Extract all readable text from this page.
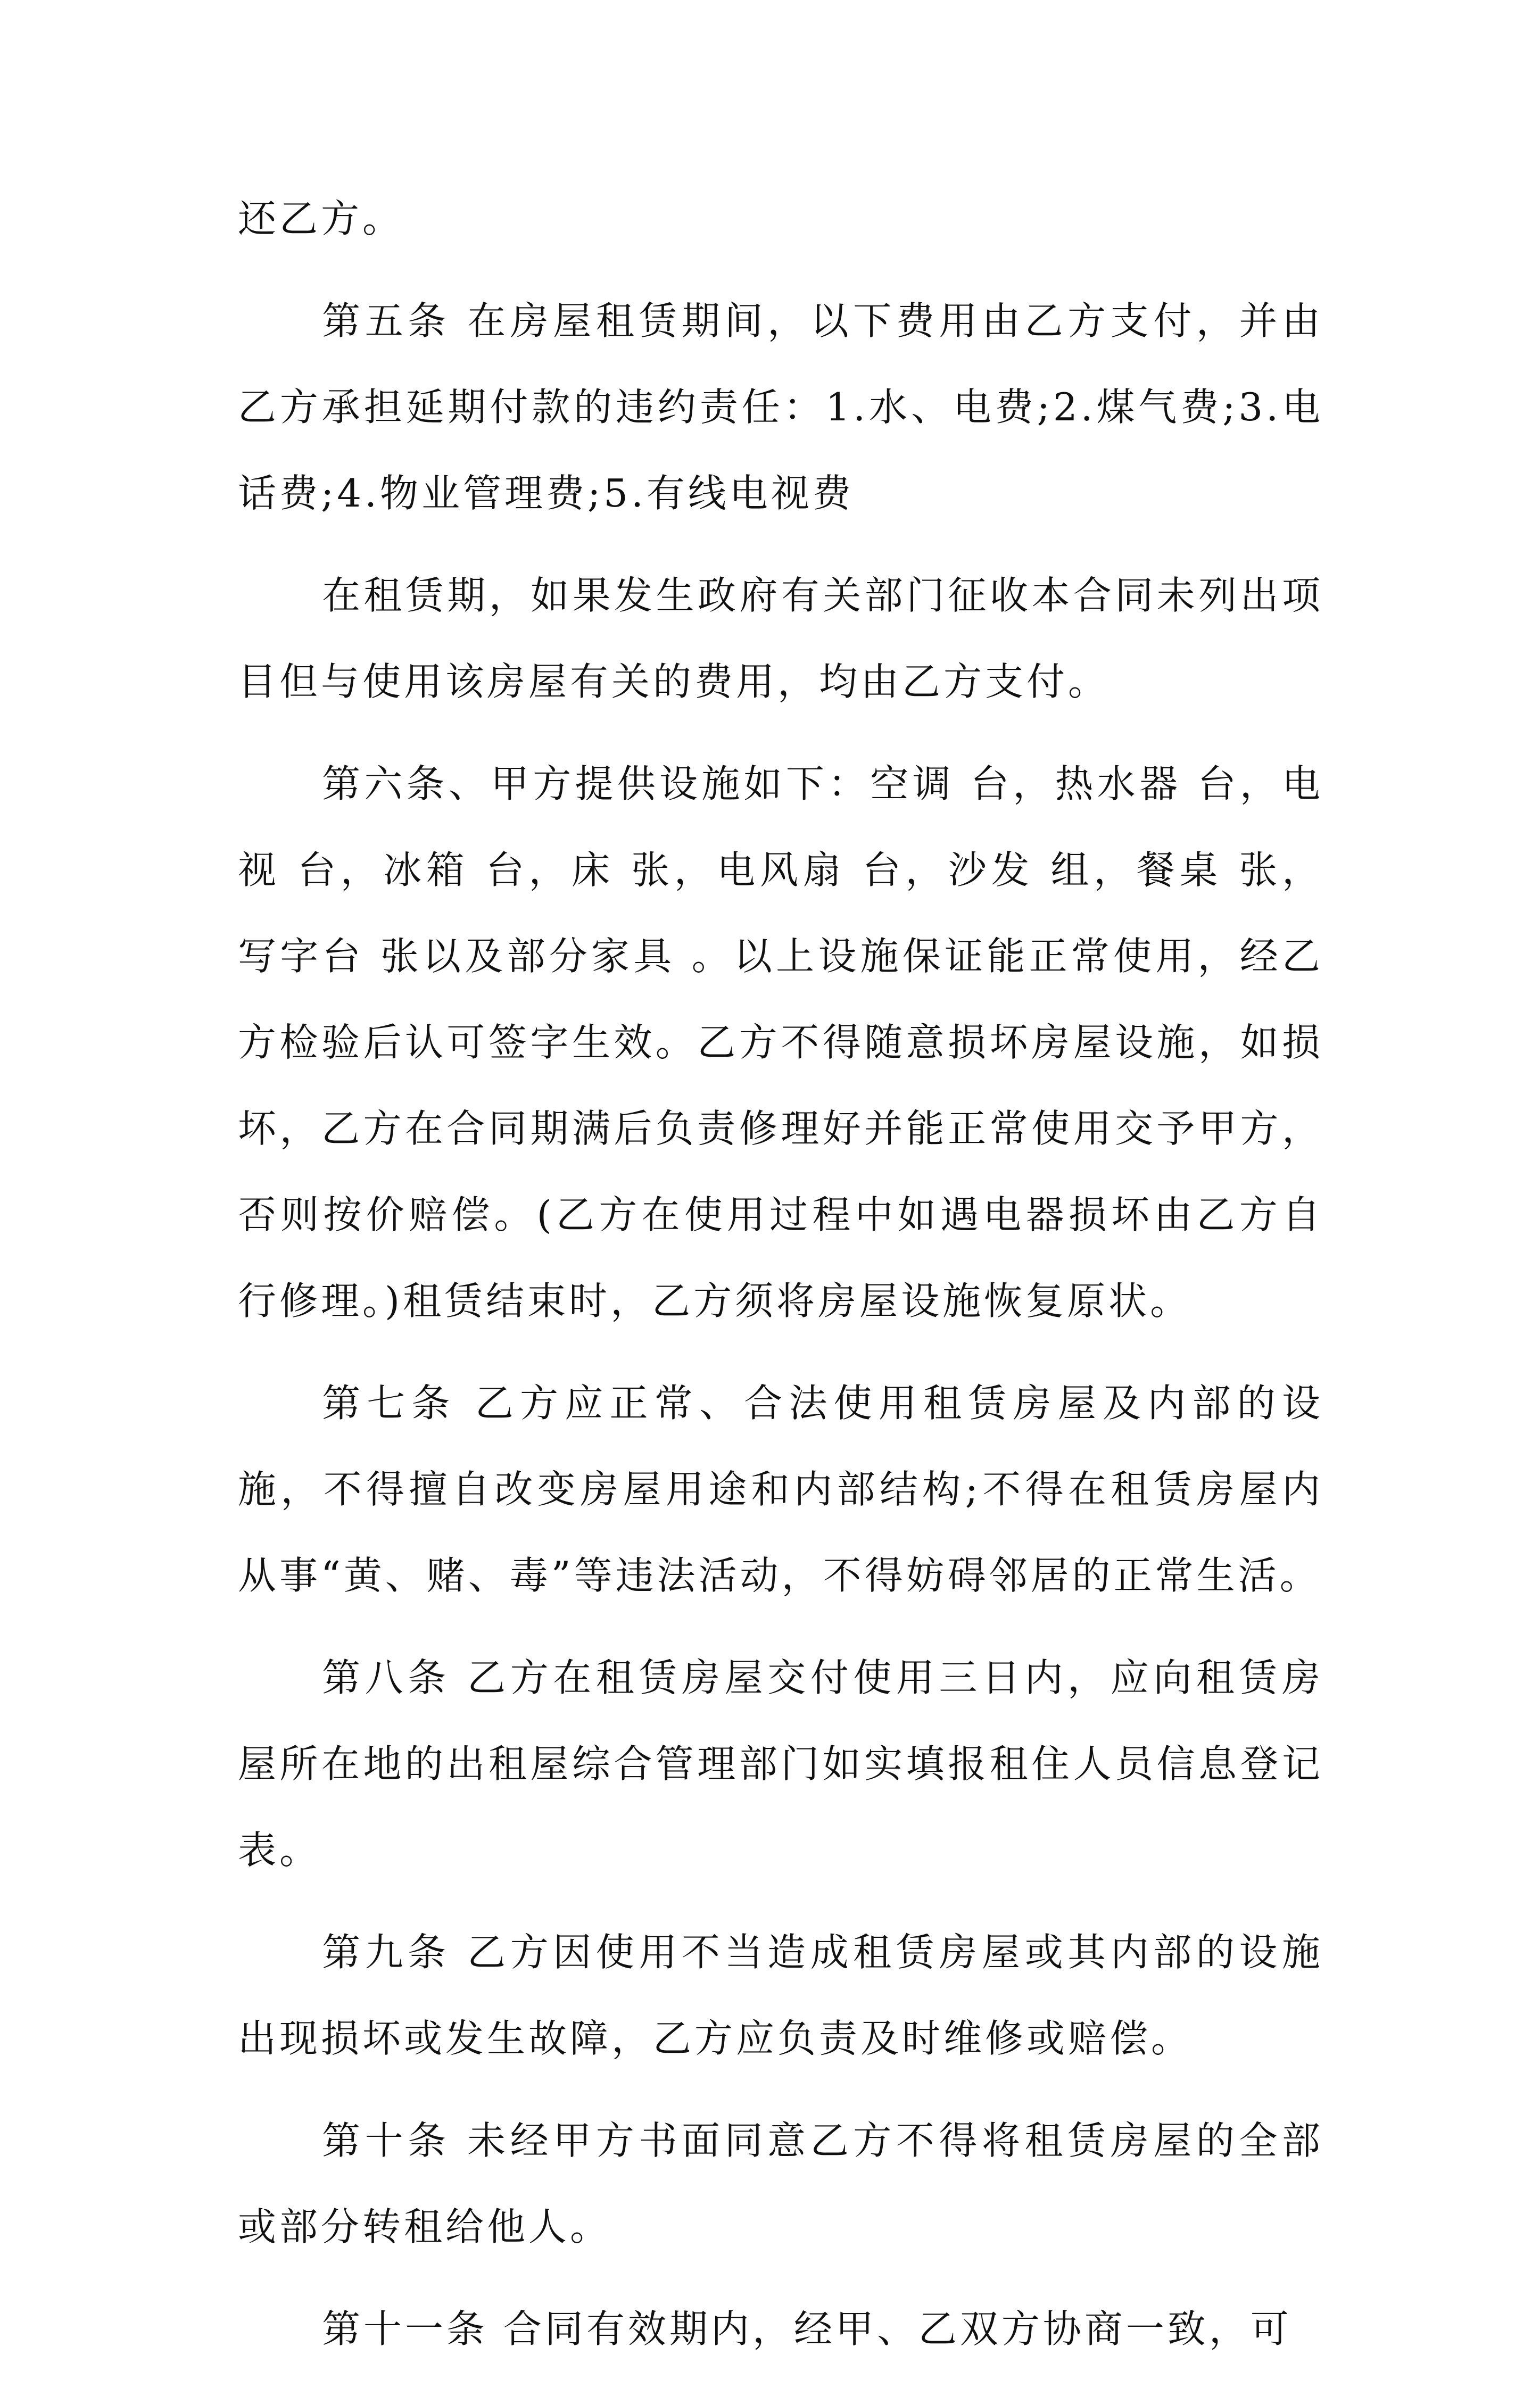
还乙方。

第五条 在房屋租赁期间，以下费用由乙方支付，并由乙方承担延期付款的违约责任：1.水、电费;2.煤气费;3.电话费;4.物业管理费;5.有线电视费

在租赁期，如果发生政府有关部门征收本合同未列出项目但与使用该房屋有关的费用，均由乙方支付。

第六条、甲方提供设施如下：空调 台，热水器 台，电视 台，冰箱 台，床 张，电风扇 台，沙发 组，餐桌 张，写字台 张以及部分家具 。以上设施保证能正常使用，经乙方检验后认可签字生效。乙方不得随意损坏房屋设施，如损坏，乙方在合同期满后负责修理好并能正常使用交予甲方，否则按价赔偿。(乙方在使用过程中如遇电器损坏由乙方自行修理。)租赁结束时，乙方须将房屋设施恢复原状。

第七条 乙方应正常、合法使用租赁房屋及内部的设施，不得擅自改变房屋用途和内部结构;不得在租赁房屋内从事“黄、赌、毒”等违法活动，不得妨碍邻居的正常生活。

第八条 乙方在租赁房屋交付使用三日内，应向租赁房屋所在地的出租屋综合管理部门如实填报租住人员信息登记表。

第九条 乙方因使用不当造成租赁房屋或其内部的设施出现损坏或发生故障，乙方应负责及时维修或赔偿。

第十条 未经甲方书面同意乙方不得将租赁房屋的全部或部分转租给他人。

第十一条 合同有效期内，经甲、乙双方协商一致，可
